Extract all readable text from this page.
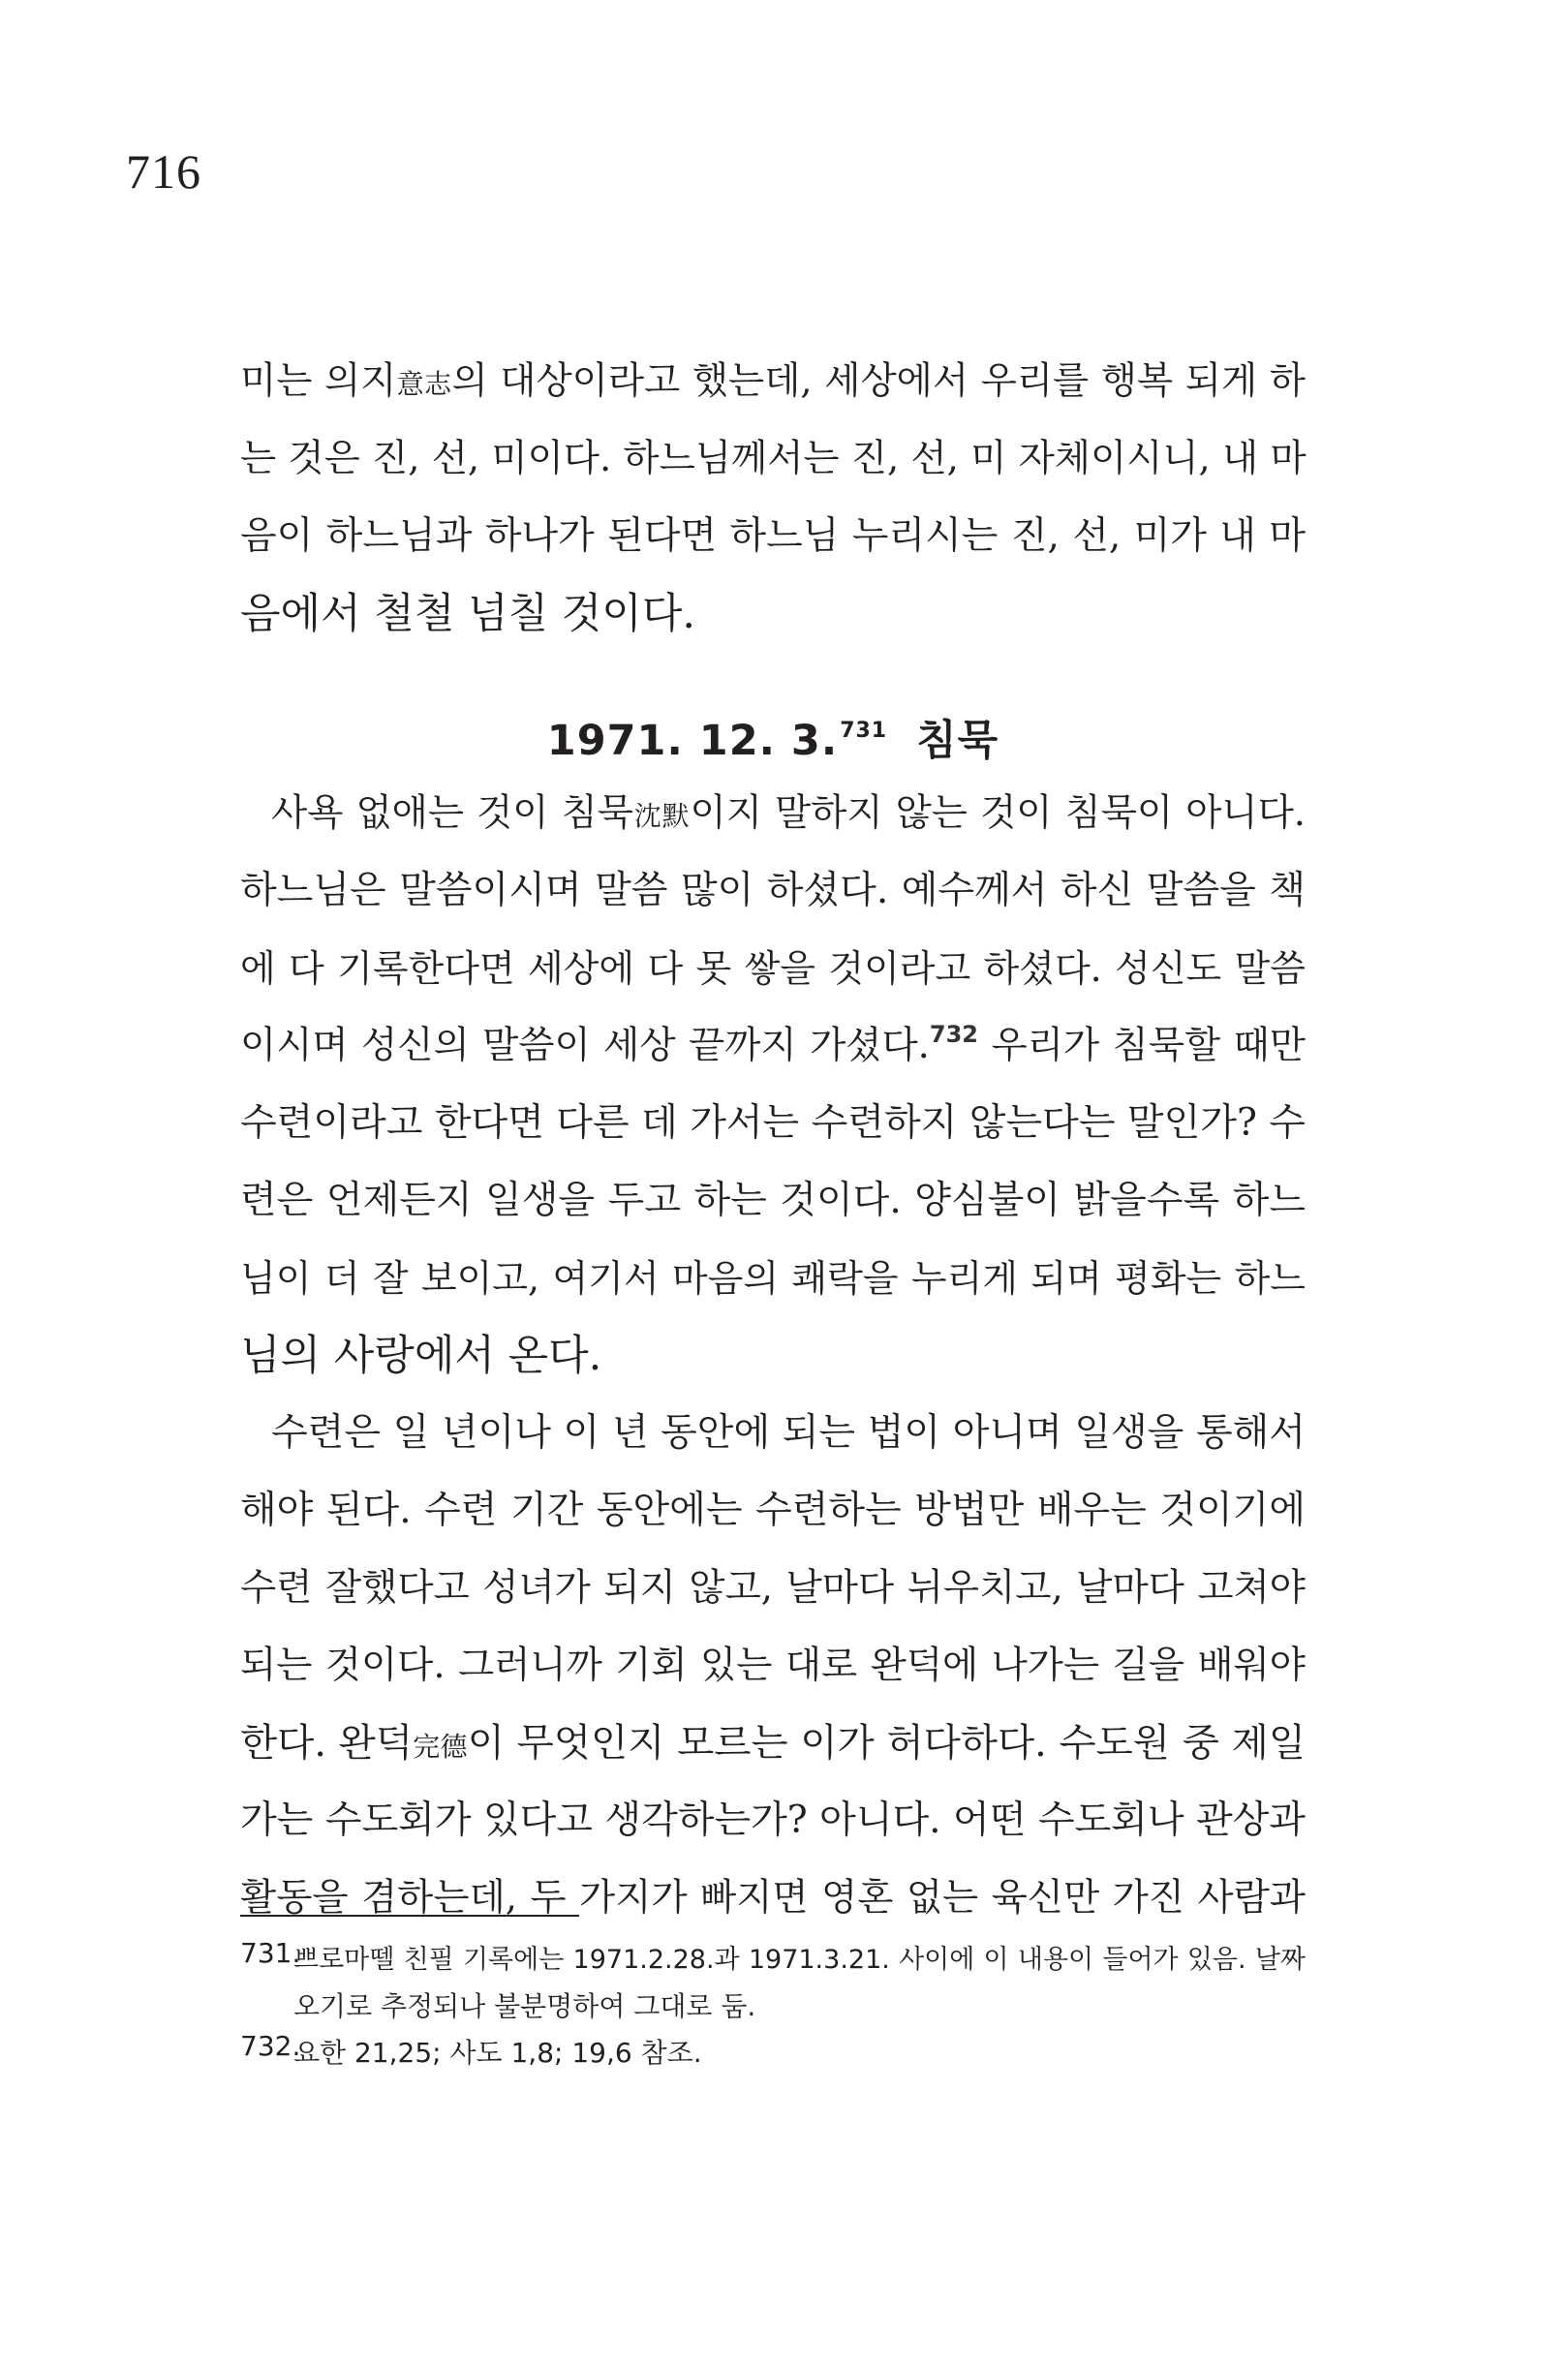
716
미는 의지意志의 대상이라고 했는데, 세상에서 우리를 행복 되게 하
는 것은 진, 선, 미이다. 하느님께서는 진, 선, 미 자체이시니, 내 마
음이 하느님과 하나가 된다면 하느님 누리시는 진, 선, 미가 내 마
음에서 철철 넘칠 것이다.
1971. 12. 3.$^{731}$ 침묵
사욕 없애는 것이 침묵沈默이지 말하지 않는 것이 침묵이 아니다.
하느님은 말씀이시며 말씀 많이 하셨다. 예수께서 하신 말씀을 책
에 다 기록한다면 세상에 다 못 쌓을 것이라고 하셨다. 성신도 말씀
이시며 성신의 말씀이 세상 끝까지 가셨다.$^{732}$ 우리가 침묵할 때만
수련이라고 한다면 다른 데 가서는 수련하지 않는다는 말인가? 수
련은 언제든지 일생을 두고 하는 것이다. 양심불이 밝을수록 하느
님이 더 잘 보이고, 여기서 마음의 쾌락을 누리게 되며 평화는 하느
님의 사랑에서 온다.
수련은 일 년이나 이 년 동안에 되는 법이 아니며 일생을 통해서
해야 된다. 수련 기간 동안에는 수련하는 방법만 배우는 것이기에
수련 잘했다고 성녀가 되지 않고, 날마다 뉘우치고, 날마다 고쳐야
되는 것이다. 그러니까 기회 있는 대로 완덕에 나가는 길을 배워야
한다. 완덕完德이 무엇인지 모르는 이가 허다하다. 수도원 중 제일
가는 수도회가 있다고 생각하는가? 아니다. 어떤 수도회나 관상과
활동을 겸하는데, 두 가지가 빠지면 영혼 없는 육신만 가진 사람과
731.
쁘로마뗄 친필 기록에는 1971.2.28.과 1971.3.21. 사이에 이 내용이 들어가 있음. 날짜
오기로 추정되나 불분명하여 그대로 둠.
732.
요한 21,25; 사도 1,8; 19,6 참조.
